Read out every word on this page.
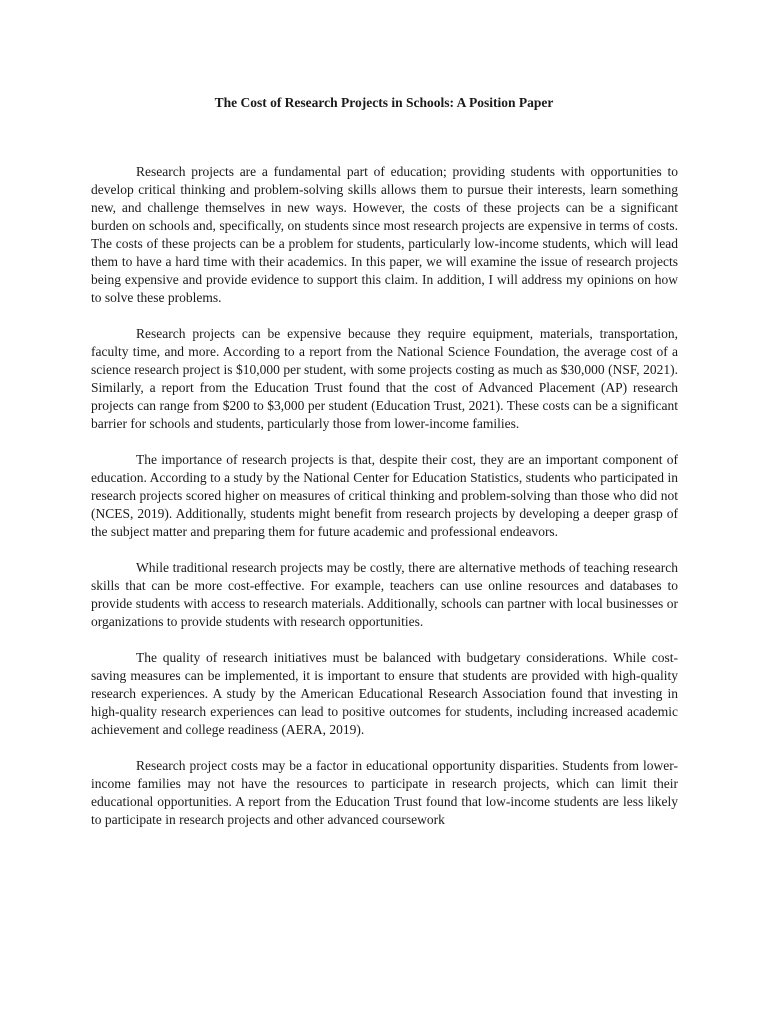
The Cost of Research Projects in Schools: A Position Paper

Research projects are a fundamental part of education; providing students with opportunities to develop critical thinking and problem-solving skills allows them to pursue their interests, learn something new, and challenge themselves in new ways. However, the costs of these projects can be a significant burden on schools and, specifically, on students since most research projects are expensive in terms of costs. The costs of these projects can be a problem for students, particularly low-income students, which will lead them to have a hard time with their academics. In this paper, we will examine the issue of research projects being expensive and provide evidence to support this claim. In addition, I will address my opinions on how to solve these problems.

Research projects can be expensive because they require equipment, materials, transportation, faculty time, and more. According to a report from the National Science Foundation, the average cost of a science research project is $10,000 per student, with some projects costing as much as $30,000 (NSF, 2021). Similarly, a report from the Education Trust found that the cost of Advanced Placement (AP) research projects can range from $200 to $3,000 per student (Education Trust, 2021). These costs can be a significant barrier for schools and students, particularly those from lower-income families.

The importance of research projects is that, despite their cost, they are an important component of education. According to a study by the National Center for Education Statistics, students who participated in research projects scored higher on measures of critical thinking and problem-solving than those who did not (NCES, 2019). Additionally, students might benefit from research projects by developing a deeper grasp of the subject matter and preparing them for future academic and professional endeavors.

While traditional research projects may be costly, there are alternative methods of teaching research skills that can be more cost-effective. For example, teachers can use online resources and databases to provide students with access to research materials. Additionally, schools can partner with local businesses or organizations to provide students with research opportunities.

The quality of research initiatives must be balanced with budgetary considerations. While cost-saving measures can be implemented, it is important to ensure that students are provided with high-quality research experiences. A study by the American Educational Research Association found that investing in high-quality research experiences can lead to positive outcomes for students, including increased academic achievement and college readiness (AERA, 2019).

Research project costs may be a factor in educational opportunity disparities. Students from lower-income families may not have the resources to participate in research projects, which can limit their educational opportunities. A report from the Education Trust found that low-income students are less likely to participate in research projects and other advanced coursework
